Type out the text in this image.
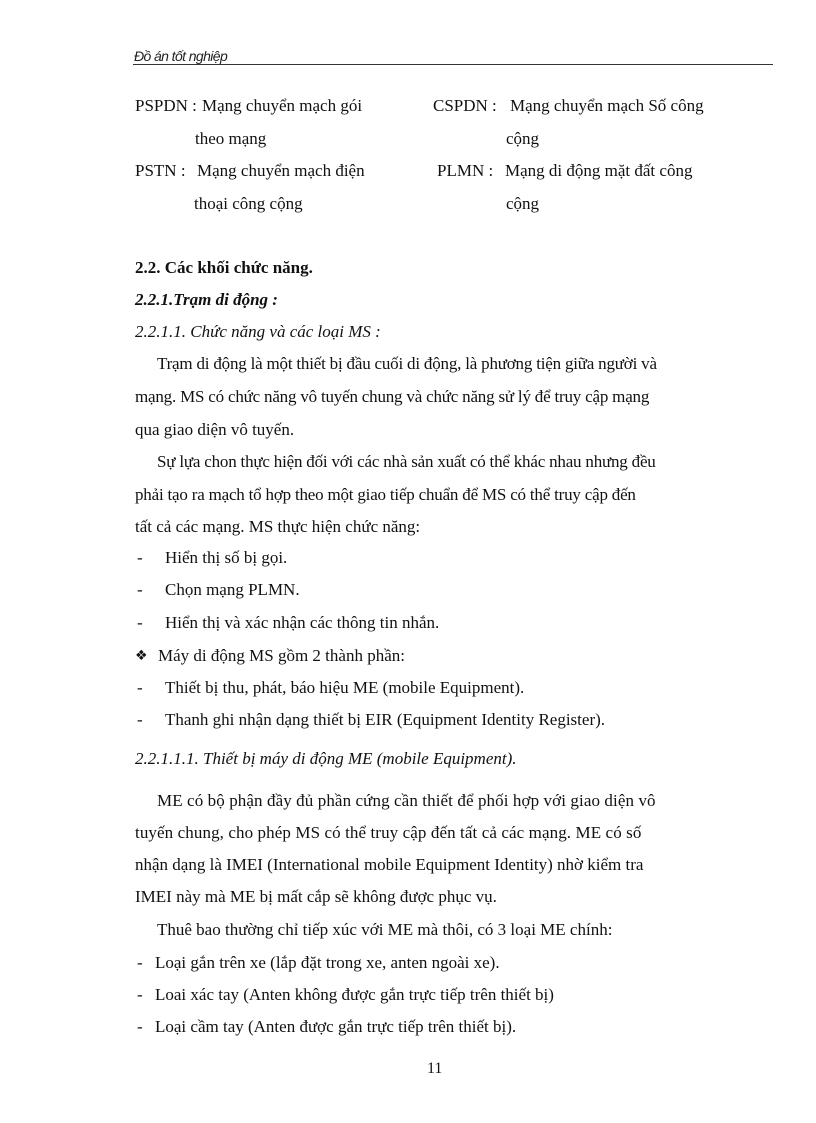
Đồ án tốt nghiệp
PSPDN : Mạng chuyển mạch gói
theo mạng
CSPDN : Mạng chuyển mạch Số công
cộng
PSTN : Mạng chuyển mạch điện
thoại công cộng
PLMN : Mạng di động mặt đất công
cộng
2.2. Các khối chức năng.
2.2.1.Trạm di động :
2.2.1.1. Chức năng và các loại MS :
Trạm di động là một thiết bị đầu cuối di động, là phương tiện giữa người và
mạng. MS có chức năng vô tuyến chung và chức năng sử lý để truy cập mạng
qua giao diện vô tuyến.
Sự lựa chon thực hiện đối với các nhà sản xuất có thể khác nhau nhưng đều
phải tạo ra mạch tổ hợp theo một giao tiếp chuẩn để MS có thể truy cập đến
tất cả các mạng. MS thực hiện chức năng:
- Hiển thị số bị gọi.
- Chọn mạng PLMN.
- Hiển thị và xác nhận các thông tin nhắn.
❖ Máy di động MS gồm 2 thành phần:
- Thiết bị thu, phát, báo hiệu ME (mobile Equipment).
- Thanh ghi nhận dạng thiết bị EIR (Equipment Identity Register).
2.2.1.1.1. Thiết bị máy di động ME (mobile Equipment).
ME có bộ phận đầy đủ phần cứng cần thiết để phối hợp với giao diện vô
tuyến chung, cho phép MS có thể truy cập đến tất cả các mạng. ME có số
nhận dạng là IMEI (International mobile Equipment Identity) nhờ kiểm tra
IMEI này mà ME bị mất cắp sẽ không được phục vụ.
Thuê bao thường chỉ tiếp xúc với ME mà thôi, có 3 loại ME chính:
- Loại gắn trên xe (lắp đặt trong xe, anten ngoài xe).
- Loai xác tay (Anten không được gắn trực tiếp trên thiết bị)
- Loại cầm tay (Anten được gắn trực tiếp trên thiết bị).
11
